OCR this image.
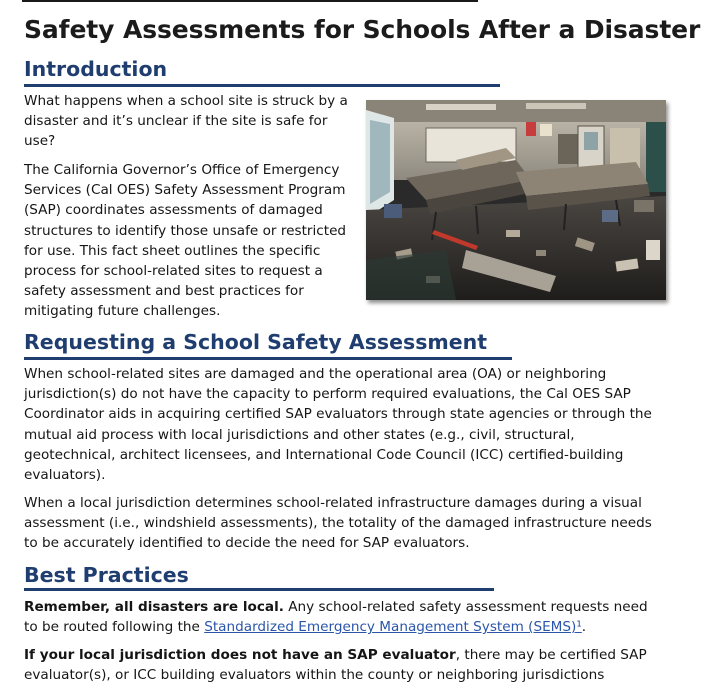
Safety Assessments for Schools After a Disaster
Introduction

What happens when a school site is struck by a disaster and it’s unclear if the site is safe for use?

The California Governor’s Office of Emergency Services (Cal OES) Safety Assessment Program (SAP) coordinates assessments of damaged structures to identify those unsafe or restricted for use. This fact sheet outlines the specific process for school-related sites to request a safety assessment and best practices for mitigating future challenges.

Requesting a School Safety Assessment

When school-related sites are damaged and the operational area (OA) or neighboring jurisdiction(s) do not have the capacity to perform required evaluations, the Cal OES SAP Coordinator aids in acquiring certified SAP evaluators through state agencies or through the mutual aid process with local jurisdictions and other states (e.g., civil, structural, geotechnical, architect licensees, and International Code Council (ICC) certified-building evaluators).

When a local jurisdiction determines school-related infrastructure damages during a visual assessment (i.e., windshield assessments), the totality of the damaged infrastructure needs to be accurately identified to decide the need for SAP evaluators.

Best Practices

Remember, all disasters are local. Any school-related safety assessment requests need to be routed following the Standardized Emergency Management System (SEMS)¹.

If your local jurisdiction does not have an SAP evaluator, there may be certified SAP evaluator(s), or ICC building evaluators within the county or neighboring jurisdictions
